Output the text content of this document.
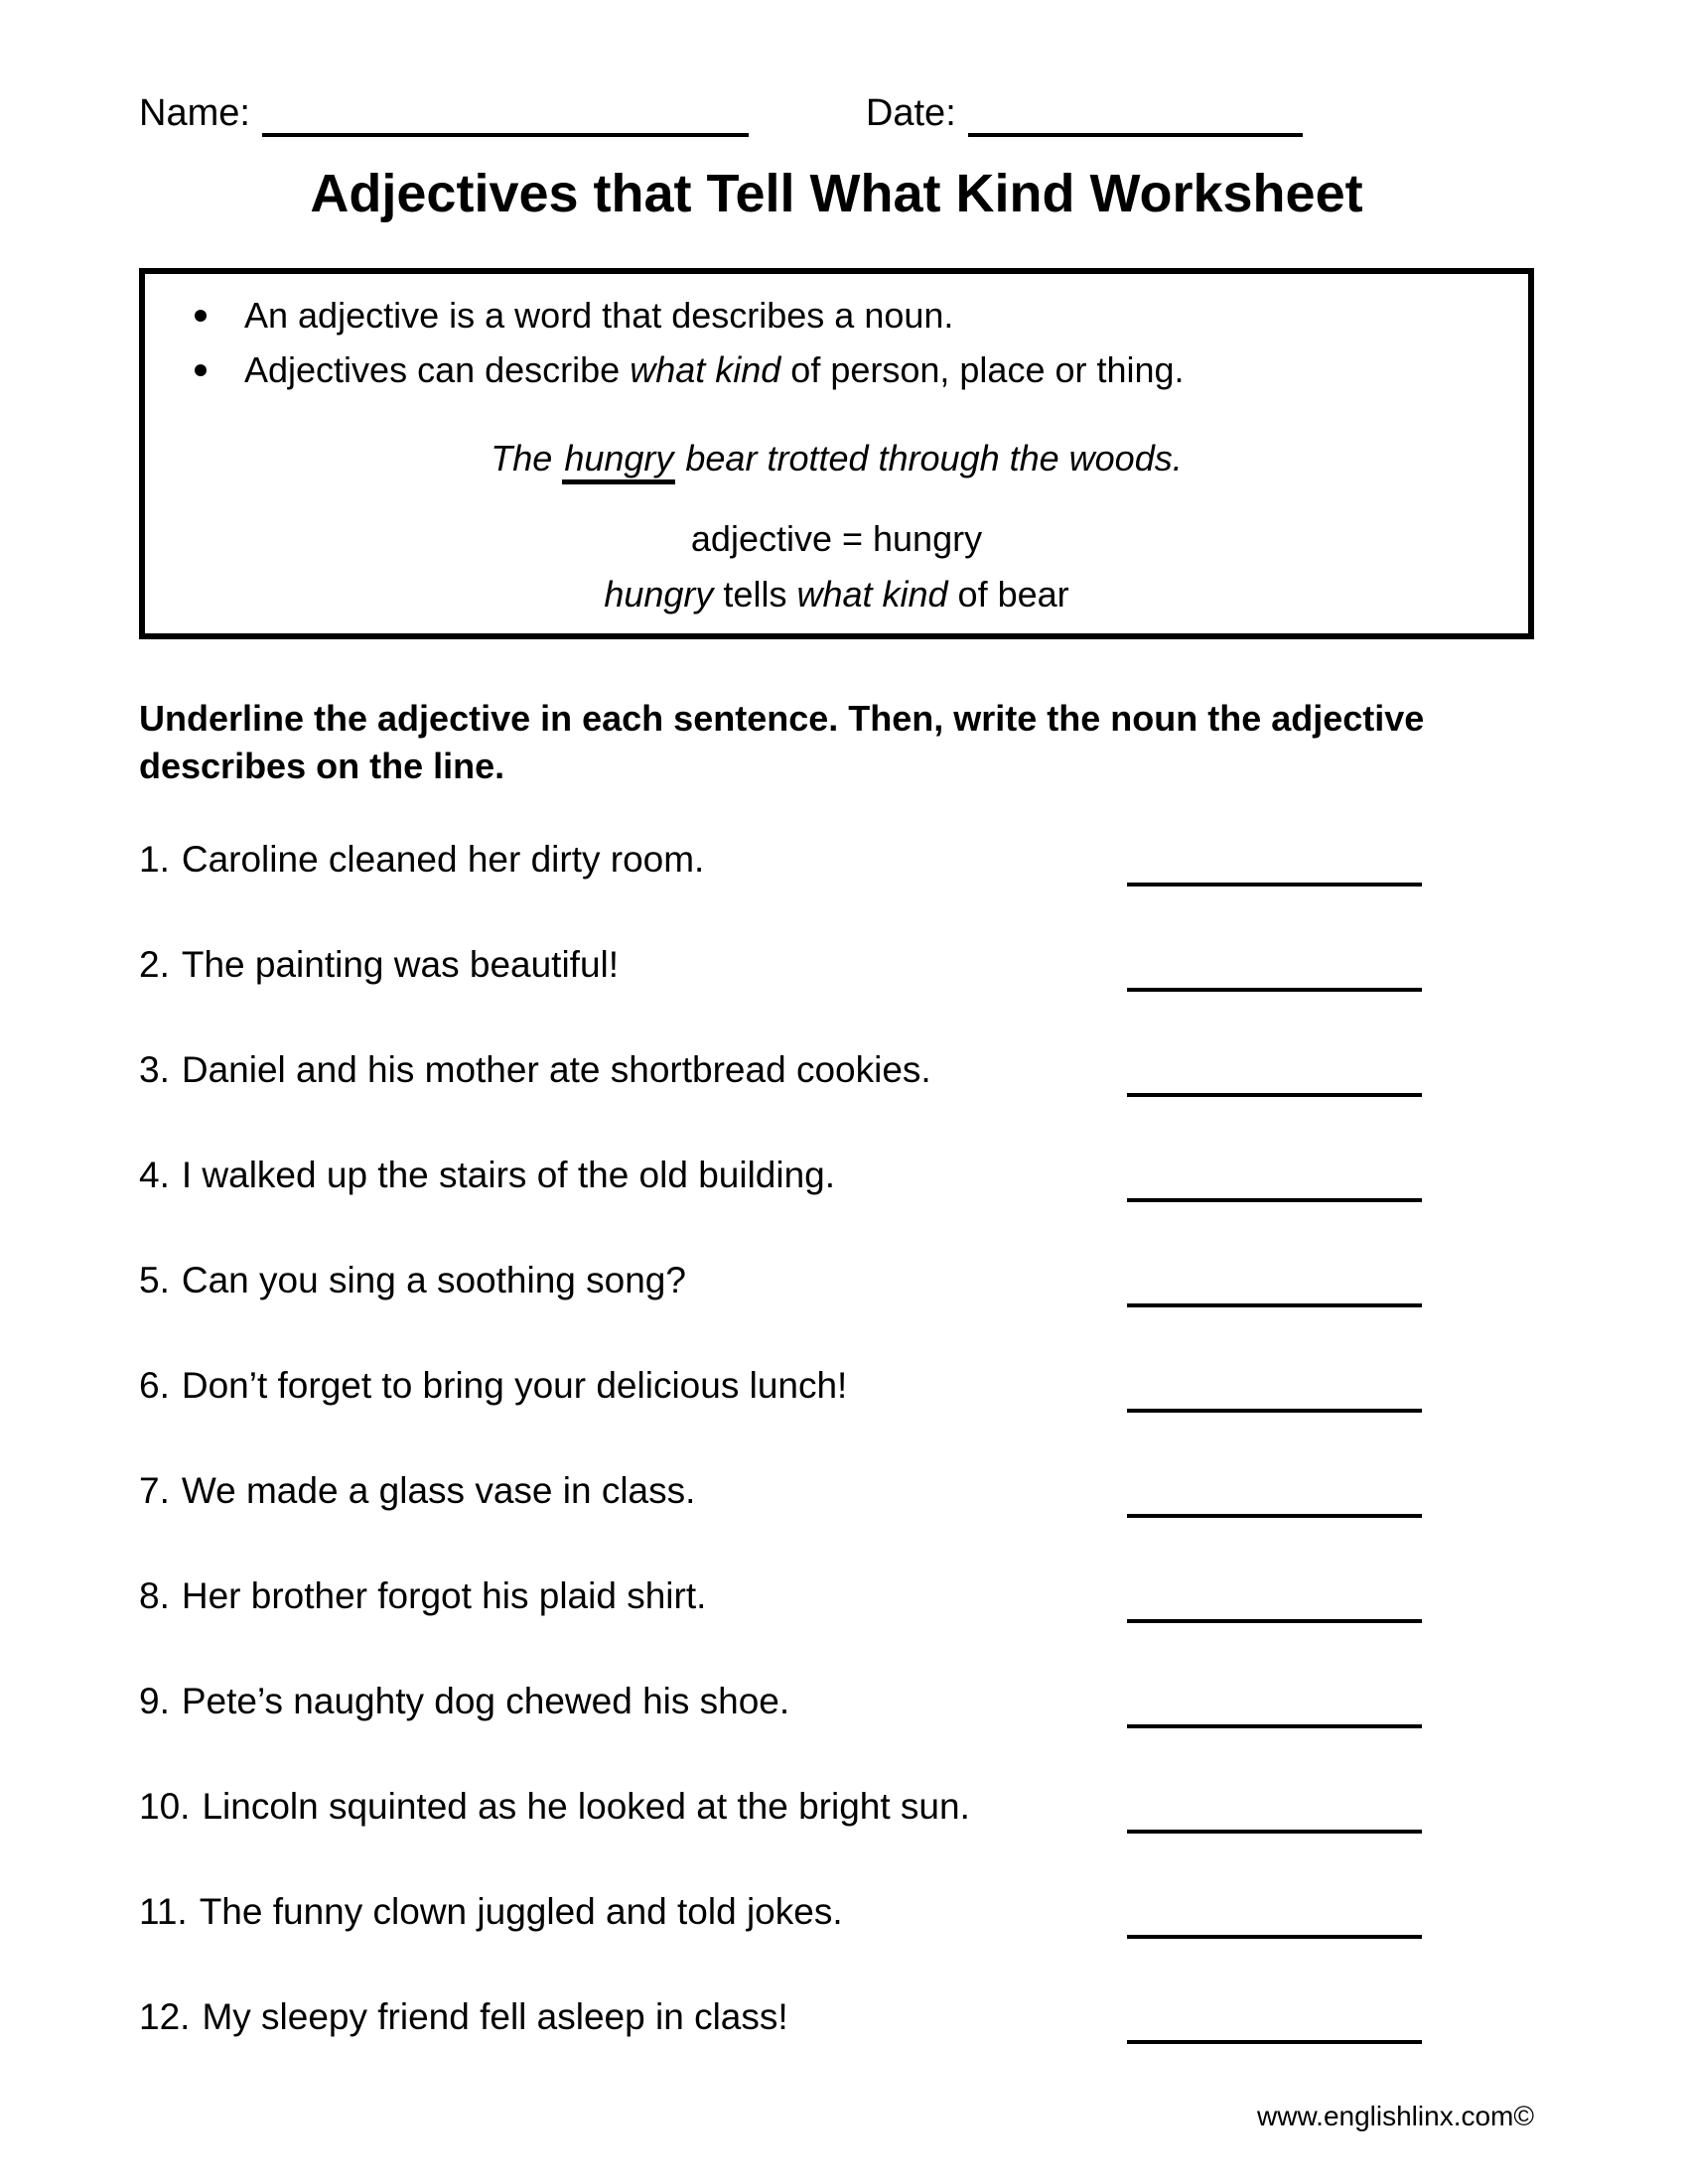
Name:	Date:
Adjectives that Tell What Kind Worksheet
An adjective is a word that describes a noun.
Adjectives can describe what kind of person, place or thing.
The hungry bear trotted through the woods.
adjective = hungry
hungry tells what kind of bear
Underline the adjective in each sentence. Then, write the noun the adjective describes on the line.
1. Caroline cleaned her dirty room.
2. The painting was beautiful!
3. Daniel and his mother ate shortbread cookies.
4. I walked up the stairs of the old building.
5. Can you sing a soothing song?
6. Don’t forget to bring your delicious lunch!
7. We made a glass vase in class.
8. Her brother forgot his plaid shirt.
9. Pete’s naughty dog chewed his shoe.
10. Lincoln squinted as he looked at the bright sun.
11. The funny clown juggled and told jokes.
12. My sleepy friend fell asleep in class!
www.englishlinx.com©
